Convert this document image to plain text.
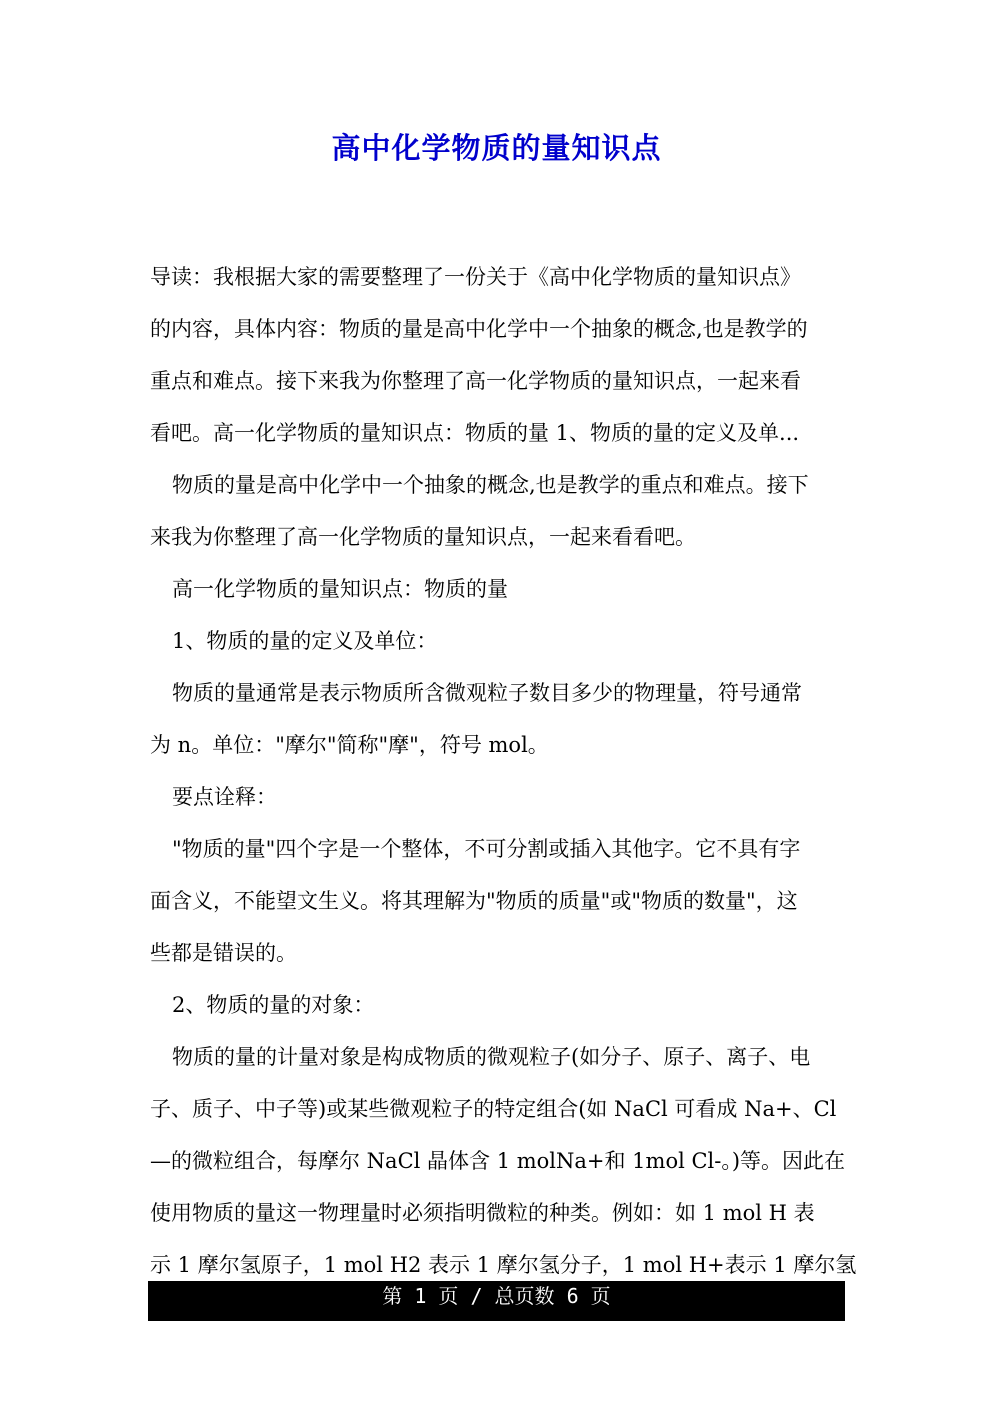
高中化学物质的量知识点
导读：我根据大家的需要整理了一份关于《高中化学物质的量知识点》
的内容，具体内容：物质的量是高中化学中一个抽象的概念,也是教学的
重点和难点。接下来我为你整理了高一化学物质的量知识点，一起来看
看吧。高一化学物质的量知识点：物质的量 1、物质的量的定义及单...
物质的量是高中化学中一个抽象的概念,也是教学的重点和难点。接下
来我为你整理了高一化学物质的量知识点，一起来看看吧。
高一化学物质的量知识点：物质的量
1、物质的量的定义及单位：
物质的量通常是表示物质所含微观粒子数目多少的物理量，符号通常
为 n。单位："摩尔"简称"摩"，符号 mol。
要点诠释：
"物质的量"四个字是一个整体，不可分割或插入其他字。它不具有字
面含义，不能望文生义。将其理解为"物质的质量"或"物质的数量"，这
些都是错误的。
2、物质的量的对象：
物质的量的计量对象是构成物质的微观粒子(如分子、原子、离子、电
子、质子、中子等)或某些微观粒子的特定组合(如 NaCl 可看成 Na+、Cl
—的微粒组合，每摩尔 NaCl 晶体含 1 molNa+和 1mol Cl-。)等。因此在
使用物质的量这一物理量时必须指明微粒的种类。例如：如 1 mol H 表
示 1 摩尔氢原子，1 mol H2 表示 1 摩尔氢分子，1 mol H+表示 1 摩尔氢
第 1 页 / 总页数 6 页
